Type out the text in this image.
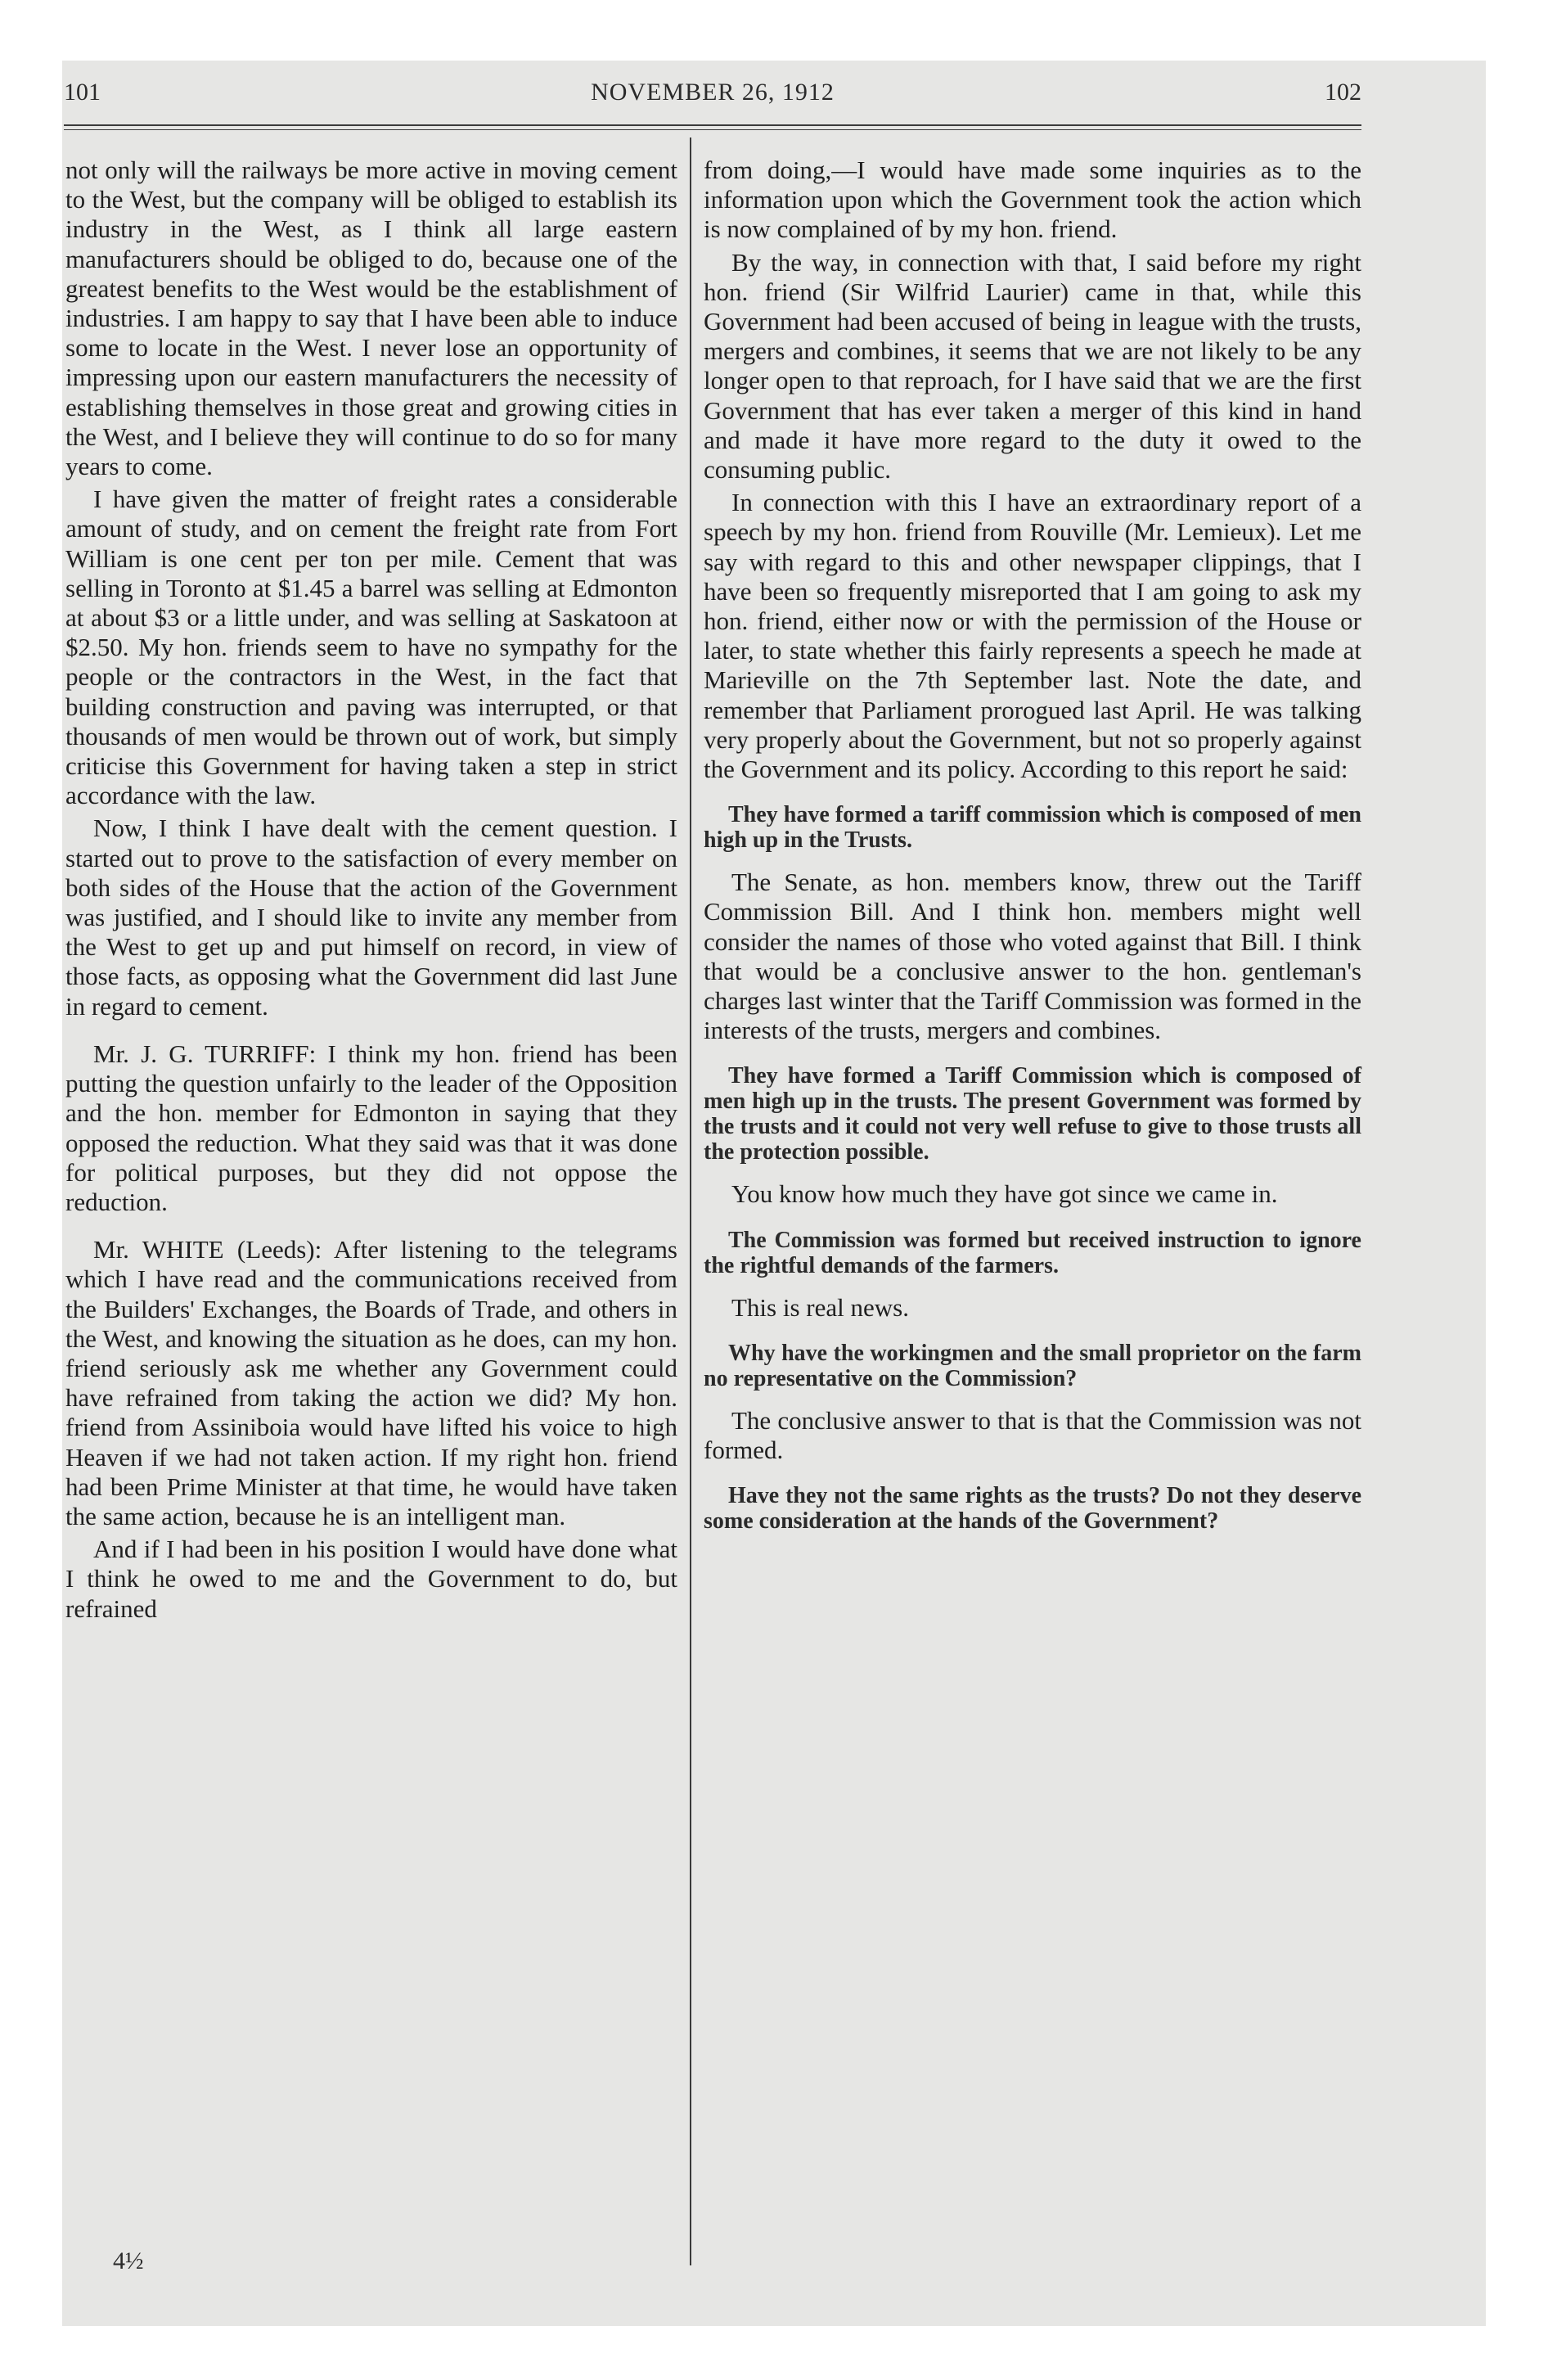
101	NOVEMBER 26, 1912	102

not only will the railways be more active in moving cement to the West, but the company will be obliged to establish its industry in the West, as I think all large eastern manufacturers should be obliged to do, because one of the greatest benefits to the West would be the establishment of industries. I am happy to say that I have been able to induce some to locate in the West. I never lose an opportunity of impressing upon our eastern manufacturers the necessity of establishing themselves in those great and growing cities in the West, and I believe they will continue to do so for many years to come.

I have given the matter of freight rates a considerable amount of study, and on cement the freight rate from Fort William is one cent per ton per mile. Cement that was selling in Toronto at $1.45 a barrel was selling at Edmonton at about $3 or a little under, and was selling at Saskatoon at $2.50. My hon. friends seem to have no sympathy for the people or the contractors in the West, in the fact that building construction and paving was interrupted, or that thousands of men would be thrown out of work, but simply criticise this Government for having taken a step in strict accordance with the law.

Now, I think I have dealt with the cement question. I started out to prove to the satisfaction of every member on both sides of the House that the action of the Government was justified, and I should like to invite any member from the West to get up and put himself on record, in view of those facts, as opposing what the Government did last June in regard to cement.

Mr. J. G. TURRIFF: I think my hon. friend has been putting the question unfairly to the leader of the Opposition and the hon. member for Edmonton in saying that they opposed the reduction. What they said was that it was done for political purposes, but they did not oppose the reduction.

Mr. WHITE (Leeds): After listening to the telegrams which I have read and the communications received from the Builders' Exchanges, the Boards of Trade, and others in the West, and knowing the situation as he does, can my hon. friend seriously ask me whether any Government could have refrained from taking the action we did? My hon. friend from Assiniboia would have lifted his voice to high Heaven if we had not taken action. If my right hon. friend had been Prime Minister at that time, he would have taken the same action, because he is an intelligent man.

And if I had been in his position I would have done what I think he owed to me and the Government to do, but refrained

from doing,—I would have made some inquiries as to the information upon which the Government took the action which is now complained of by my hon. friend.

By the way, in connection with that, I said before my right hon. friend (Sir Wilfrid Laurier) came in that, while this Government had been accused of being in league with the trusts, mergers and combines, it seems that we are not likely to be any longer open to that reproach, for I have said that we are the first Government that has ever taken a merger of this kind in hand and made it have more regard to the duty it owed to the consuming public.

In connection with this I have an extraordinary report of a speech by my hon. friend from Rouville (Mr. Lemieux). Let me say with regard to this and other newspaper clippings, that I have been so frequently misreported that I am going to ask my hon. friend, either now or with the permission of the House or later, to state whether this fairly represents a speech he made at Marieville on the 7th September last. Note the date, and remember that Parliament prorogued last April. He was talking very properly about the Government, but not so properly against the Government and its policy. According to this report he said:

They have formed a tariff commission which is composed of men high up in the Trusts.

The Senate, as hon. members know, threw out the Tariff Commission Bill. And I think hon. members might well consider the names of those who voted against that Bill. I think that would be a conclusive answer to the hon. gentleman's charges last winter that the Tariff Commission was formed in the interests of the trusts, mergers and combines.

They have formed a Tariff Commission which is composed of men high up in the trusts. The present Government was formed by the trusts and it could not very well refuse to give to those trusts all the protection possible.

You know how much they have got since we came in.

The Commission was formed but received instruction to ignore the rightful demands of the farmers.

This is real news.

Why have the workingmen and the small proprietor on the farm no representative on the Commission?

The conclusive answer to that is that the Commission was not formed.

Have they not the same rights as the trusts? Do not they deserve some consideration at the hands of the Government?
4½
